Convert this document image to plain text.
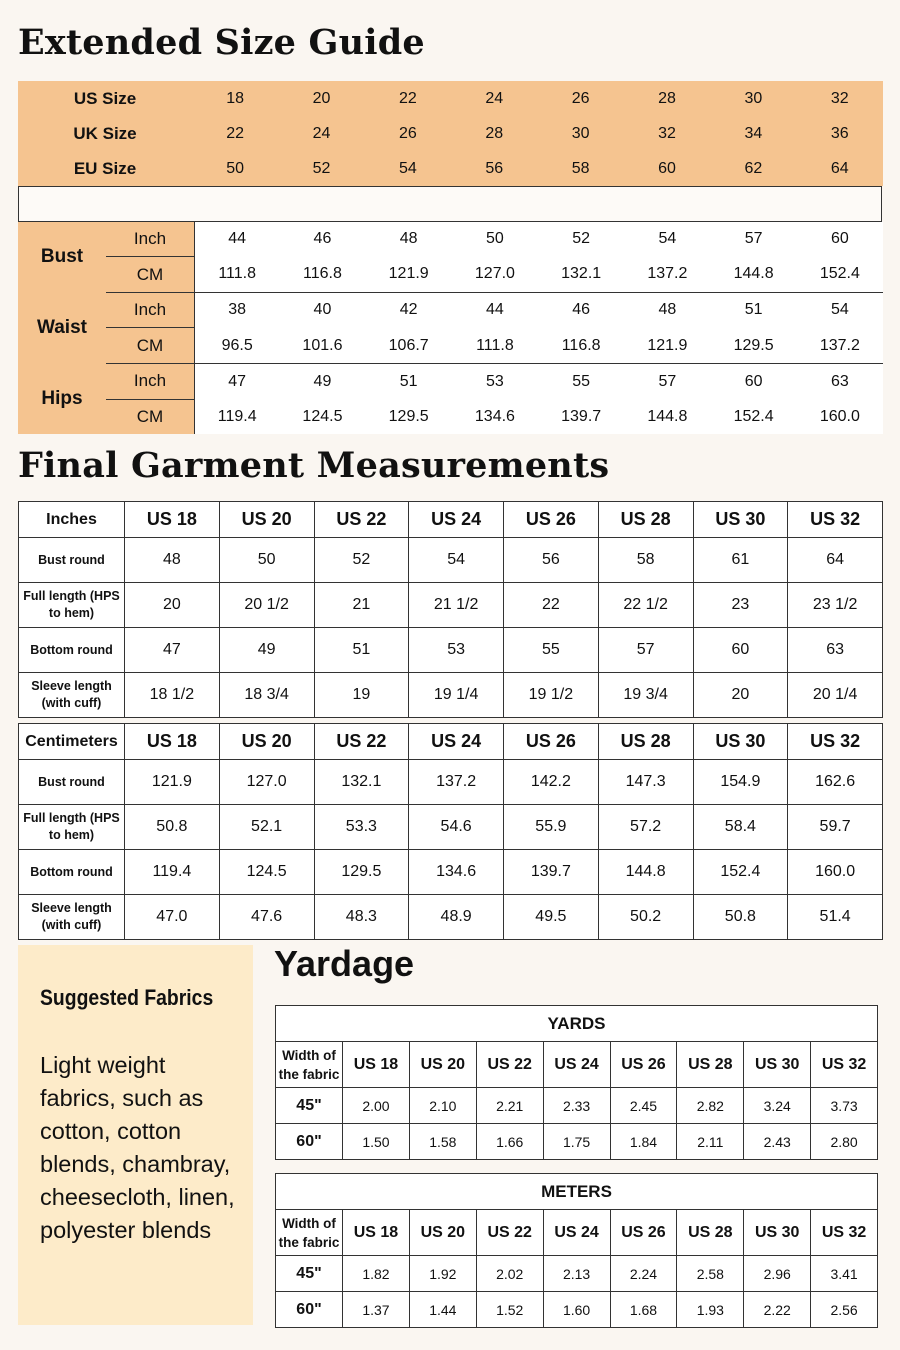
Extended Size Guide
US Size	18	20	22	24	26	28	30	32
UK Size	22	24	26	28	30	32	34	36
EU Size	50	52	54	56	58	60	62	64
Bust	Inch	44	46	48	50	52	54	57	60
	CM	111.8	116.8	121.9	127.0	132.1	137.2	144.8	152.4
Waist	Inch	38	40	42	44	46	48	51	54
	CM	96.5	101.6	106.7	111.8	116.8	121.9	129.5	137.2
Hips	Inch	47	49	51	53	55	57	60	63
	CM	119.4	124.5	129.5	134.6	139.7	144.8	152.4	160.0
Final Garment Measurements
Inches	US 18	US 20	US 22	US 24	US 26	US 28	US 30	US 32
Bust round	48	50	52	54	56	58	61	64
Full length (HPS to hem)	20	20 1/2	21	21 1/2	22	22 1/2	23	23 1/2
Bottom round	47	49	51	53	55	57	60	63
Sleeve length (with cuff)	18 1/2	18 3/4	19	19 1/4	19 1/2	19 3/4	20	20 1/4
Centimeters	US 18	US 20	US 22	US 24	US 26	US 28	US 30	US 32
Bust round	121.9	127.0	132.1	137.2	142.2	147.3	154.9	162.6
Full length (HPS to hem)	50.8	52.1	53.3	54.6	55.9	57.2	58.4	59.7
Bottom round	119.4	124.5	129.5	134.6	139.7	144.8	152.4	160.0
Sleeve length (with cuff)	47.0	47.6	48.3	48.9	49.5	50.2	50.8	51.4
Suggested Fabrics
Light weight fabrics, such as cotton, cotton blends, chambray, cheesecloth, linen, polyester blends
Yardage
YARDS								
Width of the fabric	US 18	US 20	US 22	US 24	US 26	US 28	US 30	US 32
45"	2.00	2.10	2.21	2.33	2.45	2.82	3.24	3.73
60"	1.50	1.58	1.66	1.75	1.84	2.11	2.43	2.80
METERS								
Width of the fabric	US 18	US 20	US 22	US 24	US 26	US 28	US 30	US 32
45"	1.82	1.92	2.02	2.13	2.24	2.58	2.96	3.41
60"	1.37	1.44	1.52	1.60	1.68	1.93	2.22	2.56
